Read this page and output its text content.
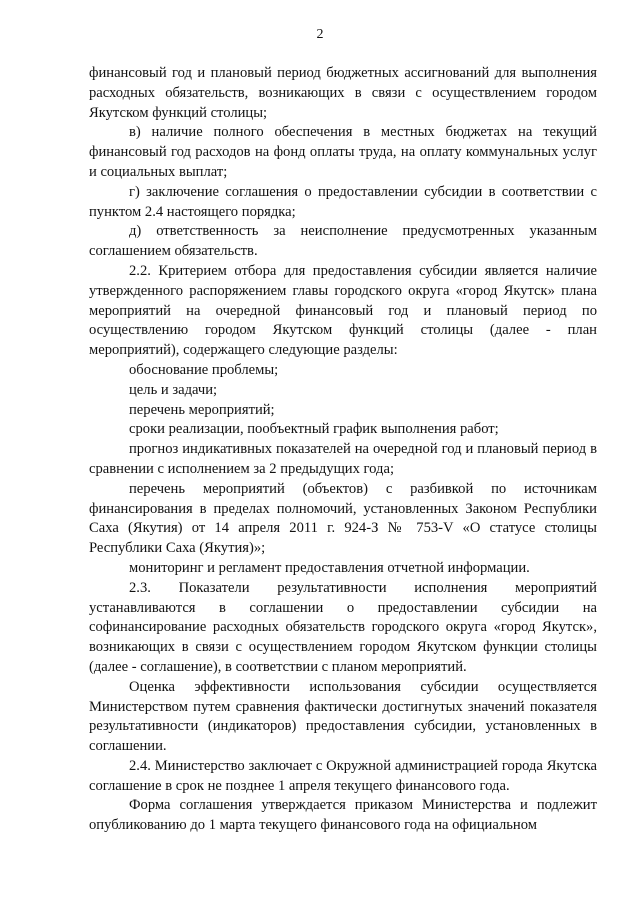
2

финансовый год и плановый период бюджетных ассигнований для выполнения расходных обязательств, возникающих в связи с осуществлением городом Якутском функций столицы;

в) наличие полного обеспечения в местных бюджетах на текущий финансовый год расходов на фонд оплаты труда, на оплату коммунальных услуг и социальных выплат;

г) заключение соглашения о предоставлении субсидии в соответствии с пунктом 2.4 настоящего порядка;

д) ответственность за неисполнение предусмотренных указанным соглашением обязательств.

2.2. Критерием отбора для предоставления субсидии является наличие утвержденного распоряжением главы городского округа «город Якутск» плана мероприятий на очередной финансовый год и плановый период по осуществлению городом Якутском функций столицы (далее - план мероприятий), содержащего следующие разделы:

обоснование проблемы;

цель и задачи;

перечень мероприятий;

сроки реализации, пообъектный график выполнения работ;

прогноз индикативных показателей на очередной год и плановый период в сравнении с исполнением за 2 предыдущих года;

перечень мероприятий (объектов) с разбивкой по источникам финансирования в пределах полномочий, установленных Законом Республики Саха (Якутия) от 14 апреля 2011 г. 924-З № 753-V «О статусе столицы Республики Саха (Якутия)»;

мониторинг и регламент предоставления отчетной информации.

2.3. Показатели результативности исполнения мероприятий устанавливаются в соглашении о предоставлении субсидии на софинансирование расходных обязательств городского округа «город Якутск», возникающих в связи с осуществлением городом Якутском функции столицы (далее - соглашение), в соответствии с планом мероприятий.

Оценка эффективности использования субсидии осуществляется Министерством путем сравнения фактически достигнутых значений показателя результативности (индикаторов) предоставления субсидии, установленных в соглашении.

2.4. Министерство заключает с Окружной администрацией города Якутска соглашение в срок не позднее 1 апреля текущего финансового года.

Форма соглашения утверждается приказом Министерства и подлежит опубликованию до 1 марта текущего финансового года на официальном
